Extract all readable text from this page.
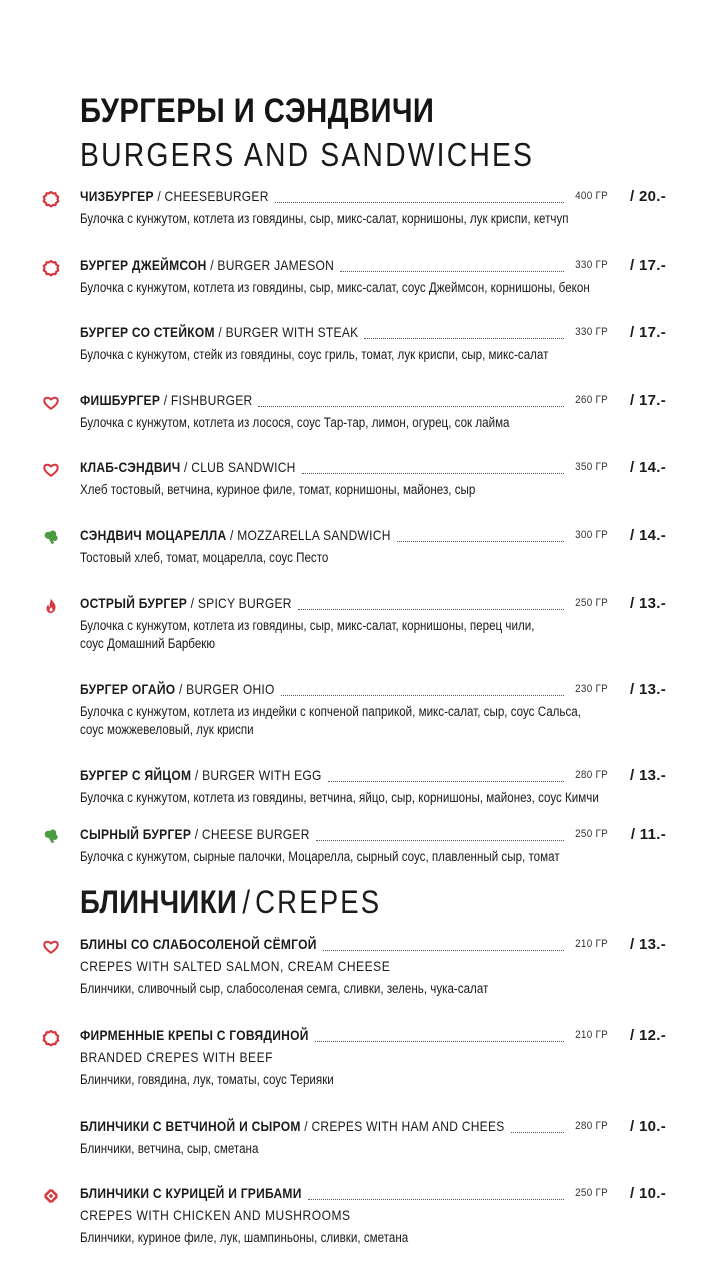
БУРГЕРЫ И СЭНДВИЧИ
BURGERS AND SANDWICHES
ЧИЗБУРГЕР / CHEESEBURGER	400 ГР	/ 20.-
Булочка с кунжутом, котлета из говядины, сыр, микс-салат, корнишоны, лук криспи, кетчуп
БУРГЕР ДЖЕЙМСОН / BURGER JAMESON	330 ГР	/ 17.-
Булочка с кунжутом, котлета из говядины, сыр, микс-салат, соус Джеймсон, корнишоны, бекон
БУРГЕР СО СТЕЙКОМ / BURGER WITH STEAK	330 ГР	/ 17.-
Булочка с кунжутом, стейк из говядины, соус гриль, томат, лук криспи, сыр, микс-салат
ФИШБУРГЕР / FISHBURGER	260 ГР	/ 17.-
Булочка с кунжутом, котлета из лосося, соус Тар-тар, лимон, огурец, сок лайма
КЛАБ-СЭНДВИЧ / CLUB SANDWICH	350 ГР	/ 14.-
Хлеб тостовый, ветчина, куриное филе, томат, корнишоны, майонез, сыр
СЭНДВИЧ МОЦАРЕЛЛА / MOZZARELLA SANDWICH	300 ГР	/ 14.-
Тостовый хлеб, томат, моцарелла, соус Песто
ОСТРЫЙ БУРГЕР / SPICY BURGER	250 ГР	/ 13.-
Булочка с кунжутом, котлета из говядины, сыр, микс-салат, корнишоны, перец чили,
соус Домашний Барбекю
БУРГЕР ОГАЙО / BURGER OHIO	230 ГР	/ 13.-
Булочка с кунжутом, котлета из индейки с копченой паприкой, микс-салат, сыр, соус Сальса,
соус можжевеловый, лук криспи
БУРГЕР С ЯЙЦОМ / BURGER WITH EGG	280 ГР	/ 13.-
Булочка с кунжутом, котлета из говядины, ветчина, яйцо, сыр, корнишоны, майонез, соус Кимчи
СЫРНЫЙ БУРГЕР / CHEESE BURGER	250 ГР	/ 11.-
Булочка с кунжутом, сырные палочки, Моцарелла, сырный соус, плавленный сыр, томат
БЛИНЧИКИ / CREPES
БЛИНЫ СО СЛАБОСОЛЕНОЙ СЁМГОЙ	210 ГР	/ 13.-
CREPES WITH SALTED SALMON, CREAM CHEESE
Блинчики, сливочный сыр, слабосоленая семга, сливки, зелень, чука-салат
ФИРМЕННЫЕ КРЕПЫ С ГОВЯДИНОЙ	210 ГР	/ 12.-
BRANDED CREPES WITH BEEF
Блинчики, говядина, лук, томаты, соус Терияки
БЛИНЧИКИ С ВЕТЧИНОЙ И СЫРОМ / CREPES WITH HAM AND CHEES	280 ГР	/ 10.-
Блинчики, ветчина, сыр, сметана
БЛИНЧИКИ С КУРИЦЕЙ И ГРИБАМИ	250 ГР	/ 10.-
CREPES WITH CHICKEN AND MUSHROOMS
Блинчики, куриное филе, лук, шампиньоны, сливки, сметана
